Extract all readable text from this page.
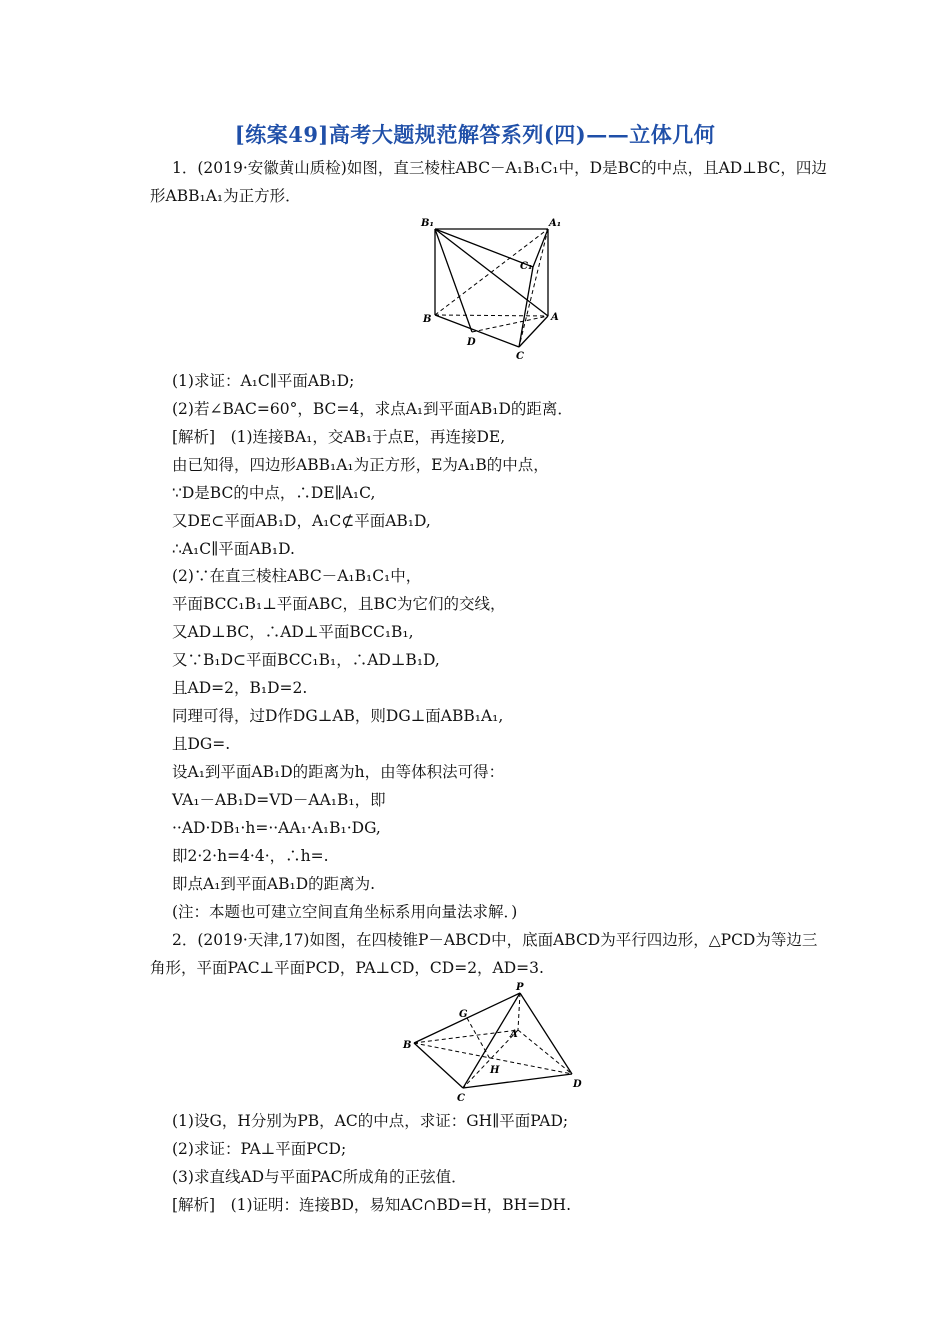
[练案49]高考大题规范解答系列(四)——立体几何
1．(2019·安徽黄山质检)如图，直三棱柱ABC－A₁B₁C₁中，D是BC的中点，且AD⊥BC，四边
形ABB₁A₁为正方形．
B₁	A₁
C₁
B	A
D
C
(1)求证：A₁C∥平面AB₁D;
(2)若∠BAC=60°，BC=4，求点A₁到平面AB₁D的距离．
[解析]　(1)连接BA₁，交AB₁于点E，再连接DE,
由已知得，四边形ABB₁A₁为正方形，E为A₁B的中点，
∵D是BC的中点，∴DE∥A₁C,
又DE⊂平面AB₁D，A₁C⊄平面AB₁D,
∴A₁C∥平面AB₁D.
(2)∵在直三棱柱ABC－A₁B₁C₁中，
平面BCC₁B₁⊥平面ABC，且BC为它们的交线，
又AD⊥BC，∴AD⊥平面BCC₁B₁,
又∵B₁D⊂平面BCC₁B₁，∴AD⊥B₁D,
且AD=2，B₁D=2.
同理可得，过D作DG⊥AB，则DG⊥面ABB₁A₁,
且DG=.
设A₁到平面AB₁D的距离为h，由等体积法可得：
VA₁－AB₁D=VD－AA₁B₁，即
··AD·DB₁·h=··AA₁·A₁B₁·DG,
即2·2·h=4·4·，∴h=.
即点A₁到平面AB₁D的距离为.
(注：本题也可建立空间直角坐标系用向量法求解．)
2．(2019·天津,17)如图，在四棱锥P－ABCD中，底面ABCD为平行四边形，△PCD为等边三
角形，平面PAC⊥平面PCD，PA⊥CD，CD=2，AD=3.
P
G
A
B
H
D
C
(1)设G，H分别为PB，AC的中点，求证：GH∥平面PAD;
(2)求证：PA⊥平面PCD;
(3)求直线AD与平面PAC所成角的正弦值．
[解析]　(1)证明：连接BD，易知AC∩BD=H，BH=DH.
